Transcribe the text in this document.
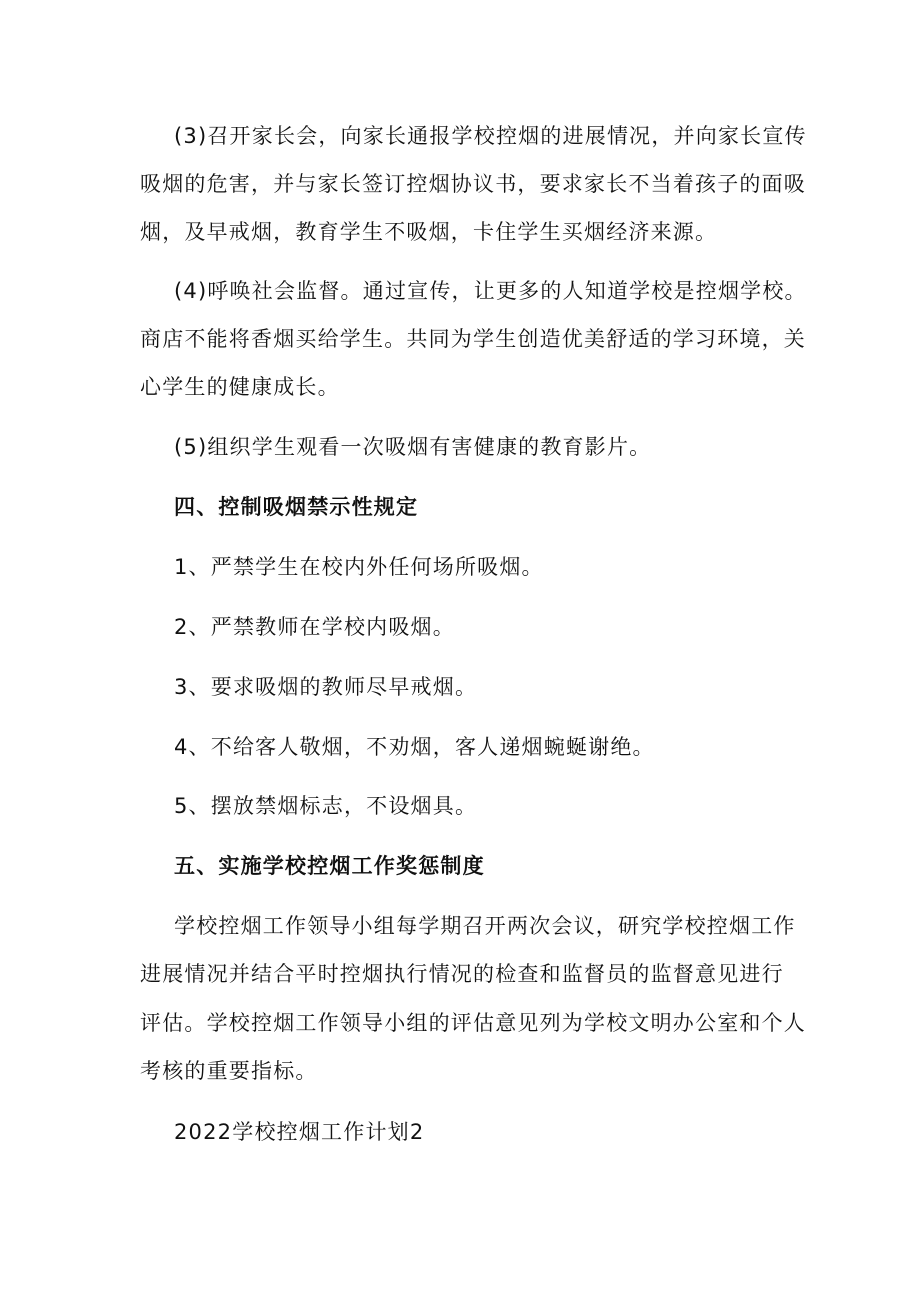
(3)召开家长会，向家长通报学校控烟的进展情况，并向家长宣传
吸烟的危害，并与家长签订控烟协议书，要求家长不当着孩子的面吸
烟，及早戒烟，教育学生不吸烟，卡住学生买烟经济来源。
(4)呼唤社会监督。通过宣传，让更多的人知道学校是控烟学校。
商店不能将香烟买给学生。共同为学生创造优美舒适的学习环境，关
心学生的健康成长。
(5)组织学生观看一次吸烟有害健康的教育影片。
四、控制吸烟禁示性规定
1、严禁学生在校内外任何场所吸烟。
2、严禁教师在学校内吸烟。
3、要求吸烟的教师尽早戒烟。
4、不给客人敬烟，不劝烟，客人递烟蜿蜒谢绝。
5、摆放禁烟标志，不设烟具。
五、实施学校控烟工作奖惩制度
学校控烟工作领导小组每学期召开两次会议，研究学校控烟工作
进展情况并结合平时控烟执行情况的检查和监督员的监督意见进行
评估。学校控烟工作领导小组的评估意见列为学校文明办公室和个人
考核的重要指标。
2022学校控烟工作计划2
